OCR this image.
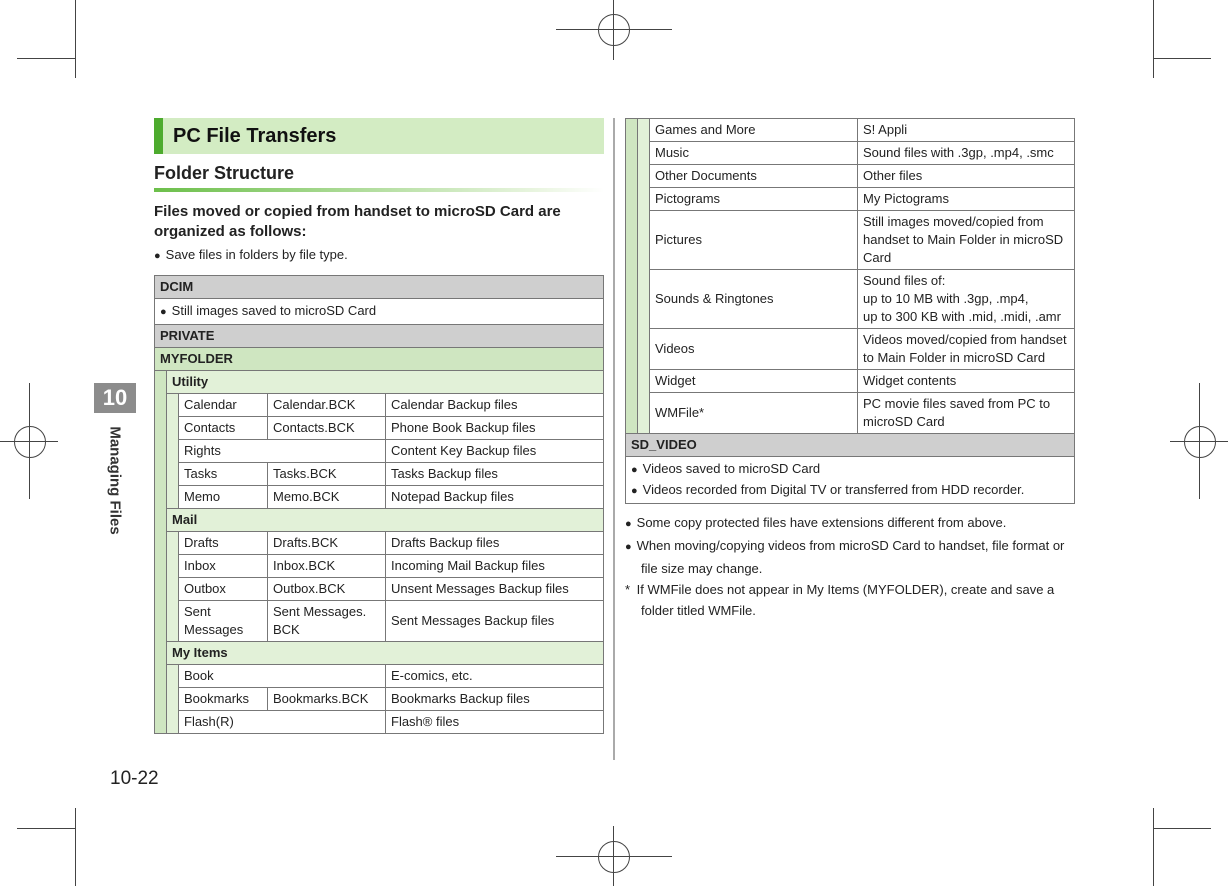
10
Managing Files
10-22
PC File Transfers
Folder Structure
Files moved or copied from handset to microSD Card are organized as follows:
● Save files in folders by file type.
DCIM				
● Still images saved to microSD Card
PRIVATE				
MYFOLDER				
	Utility			
		Calendar	Calendar.BCK	Calendar Backup files
		Contacts	Contacts.BCK	Phone Book Backup files
		Rights		Content Key Backup files
		Tasks	Tasks.BCK	Tasks Backup files
		Memo	Memo.BCK	Notepad Backup files
	Mail			
		Drafts	Drafts.BCK	Drafts Backup files
		Inbox	Inbox.BCK	Incoming Mail Backup files
		Outbox	Outbox.BCK	Unsent Messages Backup files
		Sent Messages	Sent Messages. BCK	Sent Messages Backup files
	My Items			
		Book		E-comics, etc.
		Bookmarks	Bookmarks.BCK	Bookmarks Backup files
		Flash(R)		Flash® files
		Games and More	S! Appli
		Music	Sound files with .3gp, .mp4, .smc
		Other Documents	Other files
		Pictograms	My Pictograms
		Pictures	Still images moved/copied from handset to Main Folder in microSD Card
		Sounds & Ringtones	Sound files of:
up to 10 MB with .3gp, .mp4,
up to 300 KB with .mid, .midi, .amr

		Videos	Videos moved/copied from handset to Main Folder in microSD Card
		Widget	Widget contents
		WMFile*	PC movie files saved from PC to microSD Card
SD_VIDEO			

● Videos saved to microSD Card
● Videos recorded from Digital TV or transferred from HDD recorder.
● Some copy protected files have extensions different from above.
● When moving/copying videos from microSD Card to handset, file format or file size may change.
* If WMFile does not appear in My Items (MYFOLDER), create and save a folder titled WMFile.
